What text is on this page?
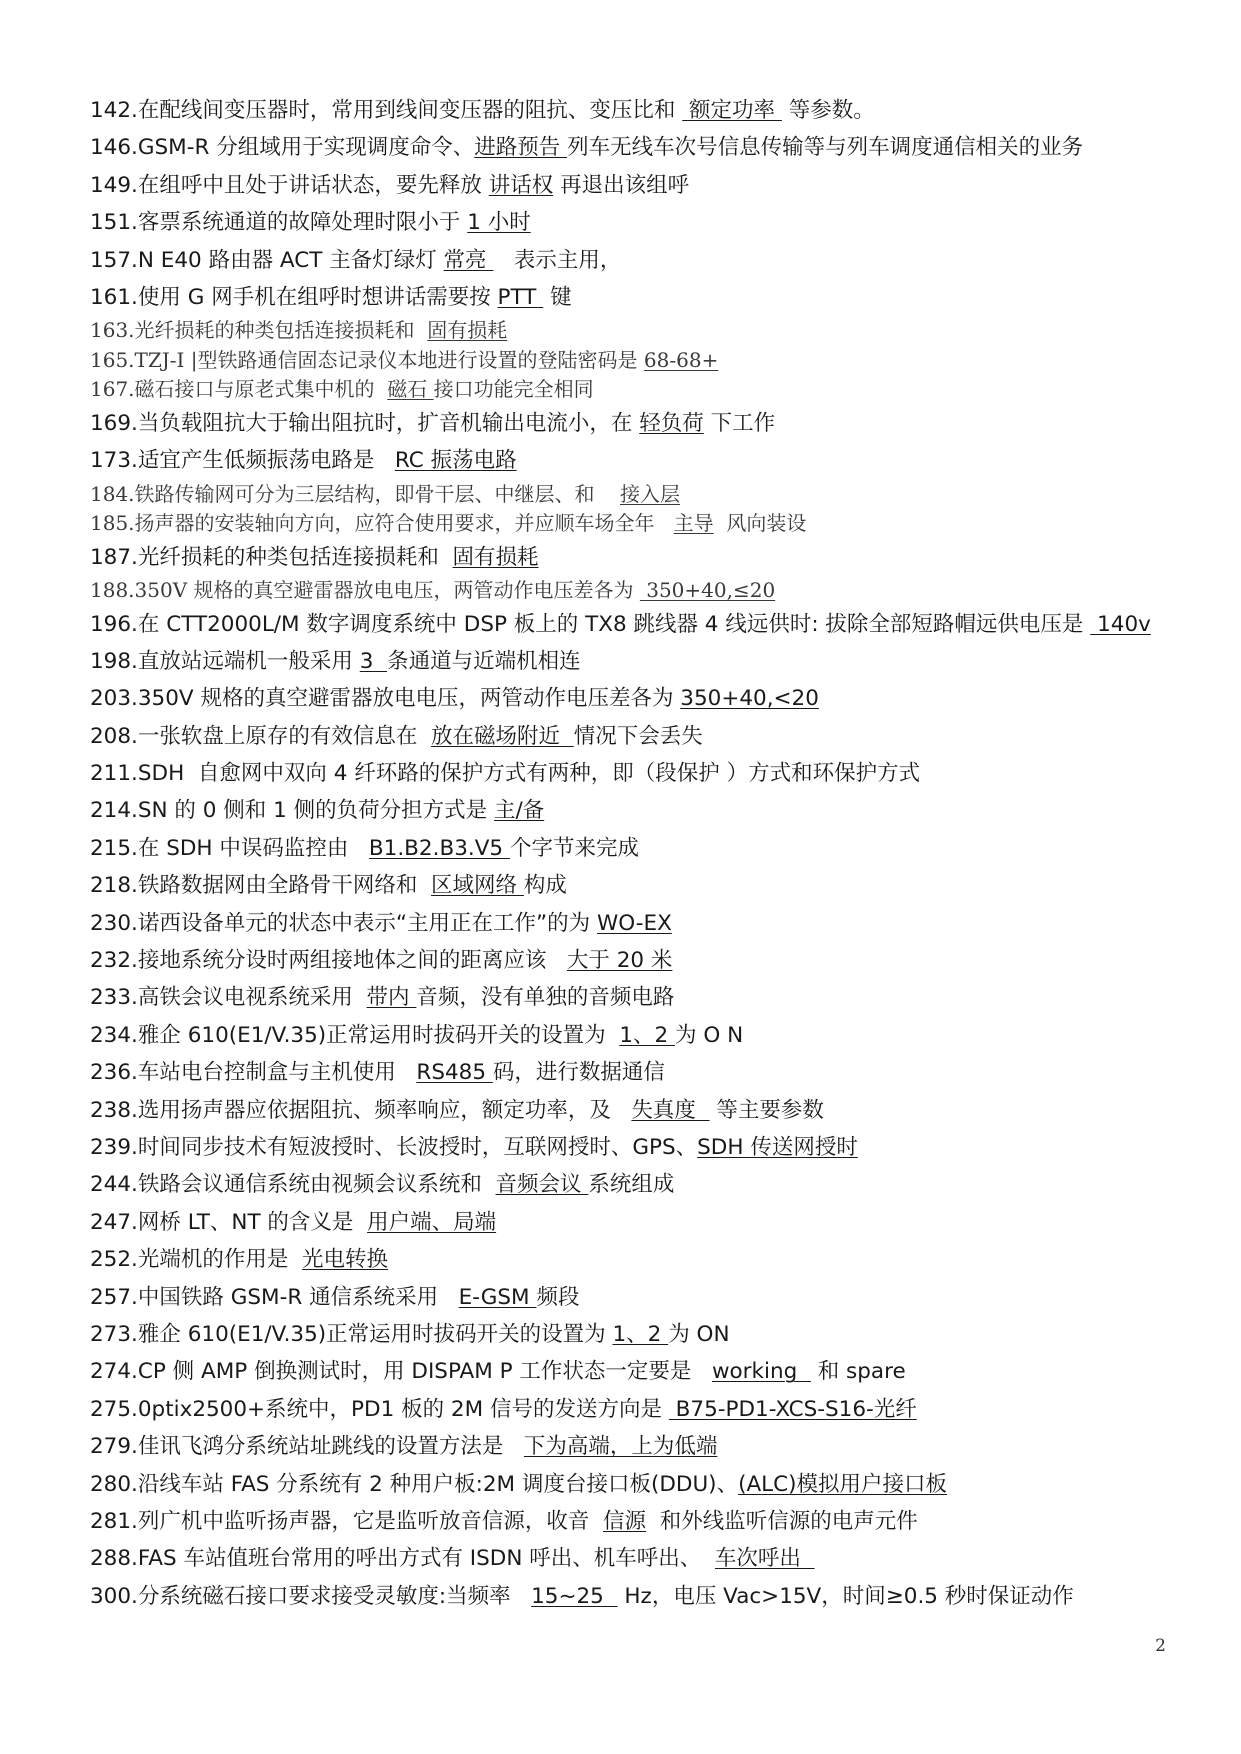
142.在配线间变压器时，常用到线间变压器的阻抗、变压比和  额定功率  等参数。
146.GSM-R 分组域用于实现调度命令、进路预告 列车无线车次号信息传输等与列车调度通信相关的业务
149.在组呼中且处于讲话状态，要先释放 讲话权 再退出该组呼
151.客票系统通道的故障处理时限小于 1 小时
157.N E40 路由器 ACT 主备灯绿灯 常亮    表示主用，
161.使用 G 网手机在组呼时想讲话需要按 PTT  键
163.光纤损耗的种类包括连接损耗和  固有损耗
165.TZJ-I |型铁路通信固态记录仪本地进行设置的登陆密码是 68-68+
167.磁石接口与原老式集中机的  磁石 接口功能完全相同
169.当负载阻抗大于输出阻抗时，扩音机输出电流小，在 轻负荷 下工作
173.适宜产生低频振荡电路是   RC 振荡电路
184.铁路传输网可分为三层结构，即骨干层、中继层、和    接入层
185.扬声器的安装轴向方向，应符合使用要求，并应顺车场全年   主导  风向装设
187.光纤损耗的种类包括连接损耗和  固有损耗
188.350V 规格的真空避雷器放电电压，两管动作电压差各为  350+40,≤20
196.在 CTT2000L/M 数字调度系统中 DSP 板上的 TX8 跳线器 4 线远供时: 拔除全部短路帽远供电压是  140v
198.直放站远端机一般采用 3  条通道与近端机相连
203.350V 规格的真空避雷器放电电压，两管动作电压差各为 350+40,<20
208.一张软盘上原存的有效信息在  放在磁场附近  情况下会丢失
211.SDH  自愈网中双向 4 纤环路的保护方式有两种，即（段保护 ）方式和环保护方式
214.SN 的 0 侧和 1 侧的负荷分担方式是 主/备
215.在 SDH 中误码监控由   B1.B2.B3.V5 个字节来完成
218.铁路数据网由全路骨干网络和  区域网络 构成
230.诺西设备单元的状态中表示“主用正在工作”的为 WO-EX
232.接地系统分设时两组接地体之间的距离应该   大于 20 米
233.高铁会议电视系统采用  带内 音频，没有单独的音频电路
234.雅企 610(E1/V.35)正常运用时拔码开关的设置为  1、2 为 O N
236.车站电台控制盒与主机使用   RS485 码，进行数据通信
238.选用扬声器应依据阻抗、频率响应，额定功率，及   失真度   等主要参数
239.时间同步技术有短波授时、长波授时，互联网授时、GPS、SDH 传送网授时
244.铁路会议通信系统由视频会议系统和  音频会议 系统组成
247.网桥 LT、NT 的含义是  用户端、局端
252.光端机的作用是  光电转换
257.中国铁路 GSM-R 通信系统采用   E-GSM 频段
273.雅企 610(E1/V.35)正常运用时拔码开关的设置为 1、2 为 ON
274.CP 侧 AMP 倒换测试时，用 DISPAM P 工作状态一定要是   working   和 spare
275.0ptix2500+系统中，PD1 板的 2M 信号的发送方向是  B75-PD1-XCS-S16-光纤
279.佳讯飞鸿分系统站址跳线的设置方法是   下为高端，上为低端
280.沿线车站 FAS 分系统有 2 种用户板:2M 调度台接口板(DDU)、(ALC)模拟用户接口板
281.列广机中监听扬声器，它是监听放音信源，收音  信源  和外线监听信源的电声元件
288.FAS 车站值班台常用的呼出方式有 ISDN 呼出、机车呼出、  车次呼出
300.分系统磁石接口要求接受灵敏度:当频率   15~25   Hz，电压 Vac>15V，时间≥0.5 秒时保证动作
2
